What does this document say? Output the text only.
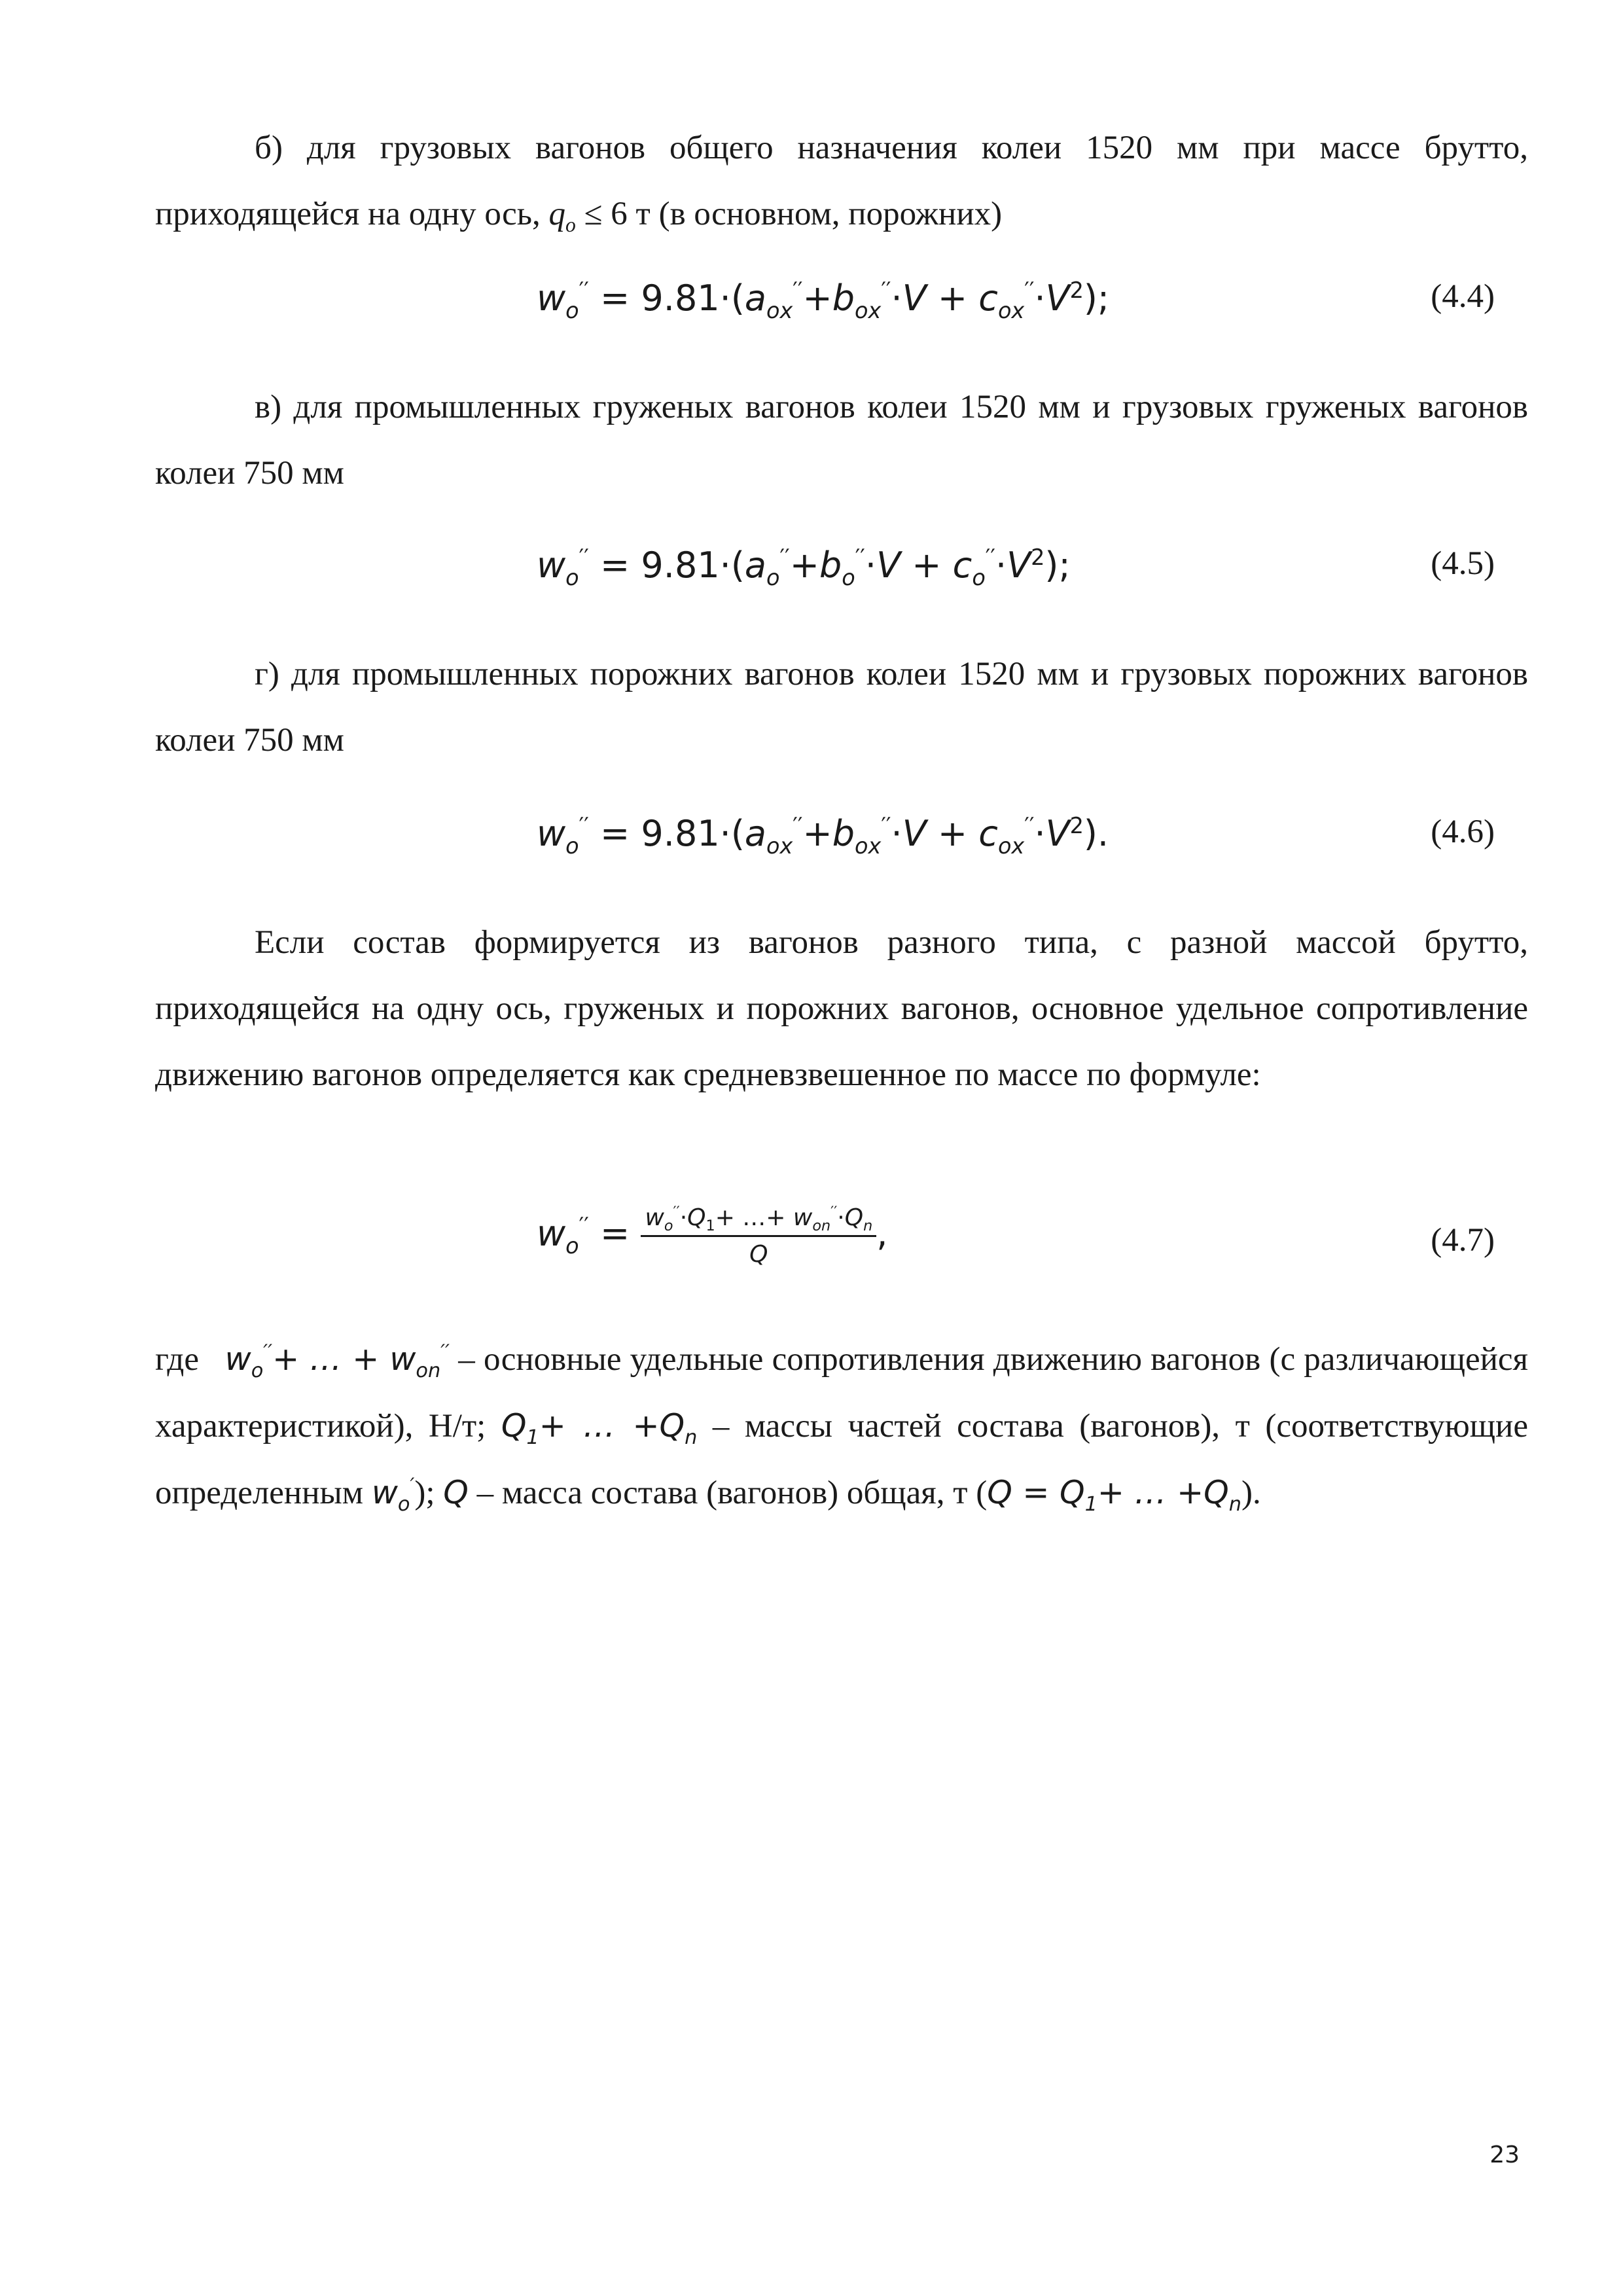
б) для грузовых вагонов общего назначения колеи 1520 мм при массе брутто, приходящейся на одну ось, $q_o \le 6$ т (в основном, порожних)
$w_o'' = 9.81\cdot(a_{ox}''+b_{ox}''\cdot V + c_{ox}''\cdot V^2)$;	(4.4)
в) для промышленных груженых вагонов колеи 1520 мм и грузовых груженых вагонов колеи 750 мм
$w_o'' = 9.81\cdot(a_o''+b_o''\cdot V + c_o''\cdot V^2)$;	(4.5)
г) для промышленных порожних вагонов колеи 1520 мм и грузовых порожних вагонов колеи 750 мм
$w_o'' = 9.81\cdot(a_{ox}''+b_{ox}''\cdot V + c_{ox}''\cdot V^2)$.	(4.6)
Если состав формируется из вагонов разного типа, с разной массой брутто, приходящейся на одну ось, груженых и порожних вагонов, основное удельное сопротивление движению вагонов определяется как средневзвешенное по массе по формуле:
$w_o'' = \frac{w_o''\cdot Q_1+ \dots+ w_{on}''\cdot Q_n}{Q}$ ,	(4.7)
где $w_o''+$ … + $w_{on}''$ – основные удельные сопротивления движению вагонов (с различающейся характеристикой), Н/т; $Q_1+$ … $+Q_n$ – массы частей состава (вагонов), т (соответствующие определенным $w_o'$); Q – масса состава (вагонов) общая, т ($Q = Q_1+$ … $+Q_n$).
23
